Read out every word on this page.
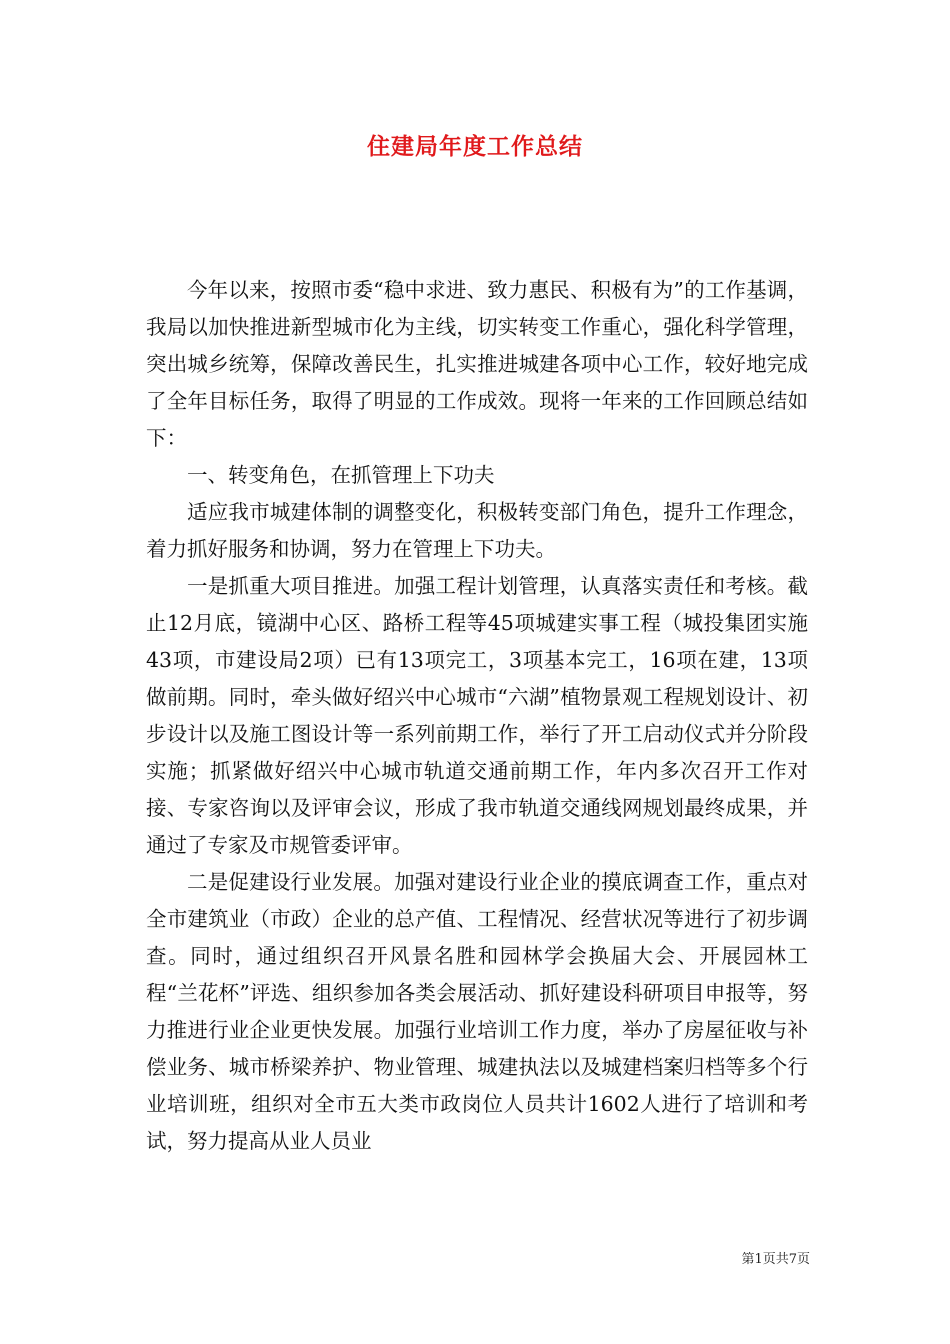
住建局年度工作总结

今年以来，按照市委“稳中求进、致力惠民、积极有为”的工作基调，我局以加快推进新型城市化为主线，切实转变工作重心，强化科学管理，突出城乡统筹，保障改善民生，扎实推进城建各项中心工作，较好地完成了全年目标任务，取得了明显的工作成效。现将一年来的工作回顾总结如下：

一、转变角色，在抓管理上下功夫

适应我市城建体制的调整变化，积极转变部门角色，提升工作理念，着力抓好服务和协调，努力在管理上下功夫。

一是抓重大项目推进。加强工程计划管理，认真落实责任和考核。截止12月底，镜湖中心区、路桥工程等45项城建实事工程（城投集团实施43项，市建设局2项）已有13项完工，3项基本完工，16项在建，13项做前期。同时，牵头做好绍兴中心城市“六湖”植物景观工程规划设计、初步设计以及施工图设计等一系列前期工作，举行了开工启动仪式并分阶段实施；抓紧做好绍兴中心城市轨道交通前期工作，年内多次召开工作对接、专家咨询以及评审会议，形成了我市轨道交通线网规划最终成果，并通过了专家及市规管委评审。

二是促建设行业发展。加强对建设行业企业的摸底调查工作，重点对全市建筑业（市政）企业的总产值、工程情况、经营状况等进行了初步调查。同时，通过组织召开风景名胜和园林学会换届大会、开展园林工程“兰花杯”评选、组织参加各类会展活动、抓好建设科研项目申报等，努力推进行业企业更快发展。加强行业培训工作力度，举办了房屋征收与补偿业务、城市桥梁养护、物业管理、城建执法以及城建档案归档等多个行业培训班，组织对全市五大类市政岗位人员共计1602人进行了培训和考试，努力提高从业人员业

第1页共7页
